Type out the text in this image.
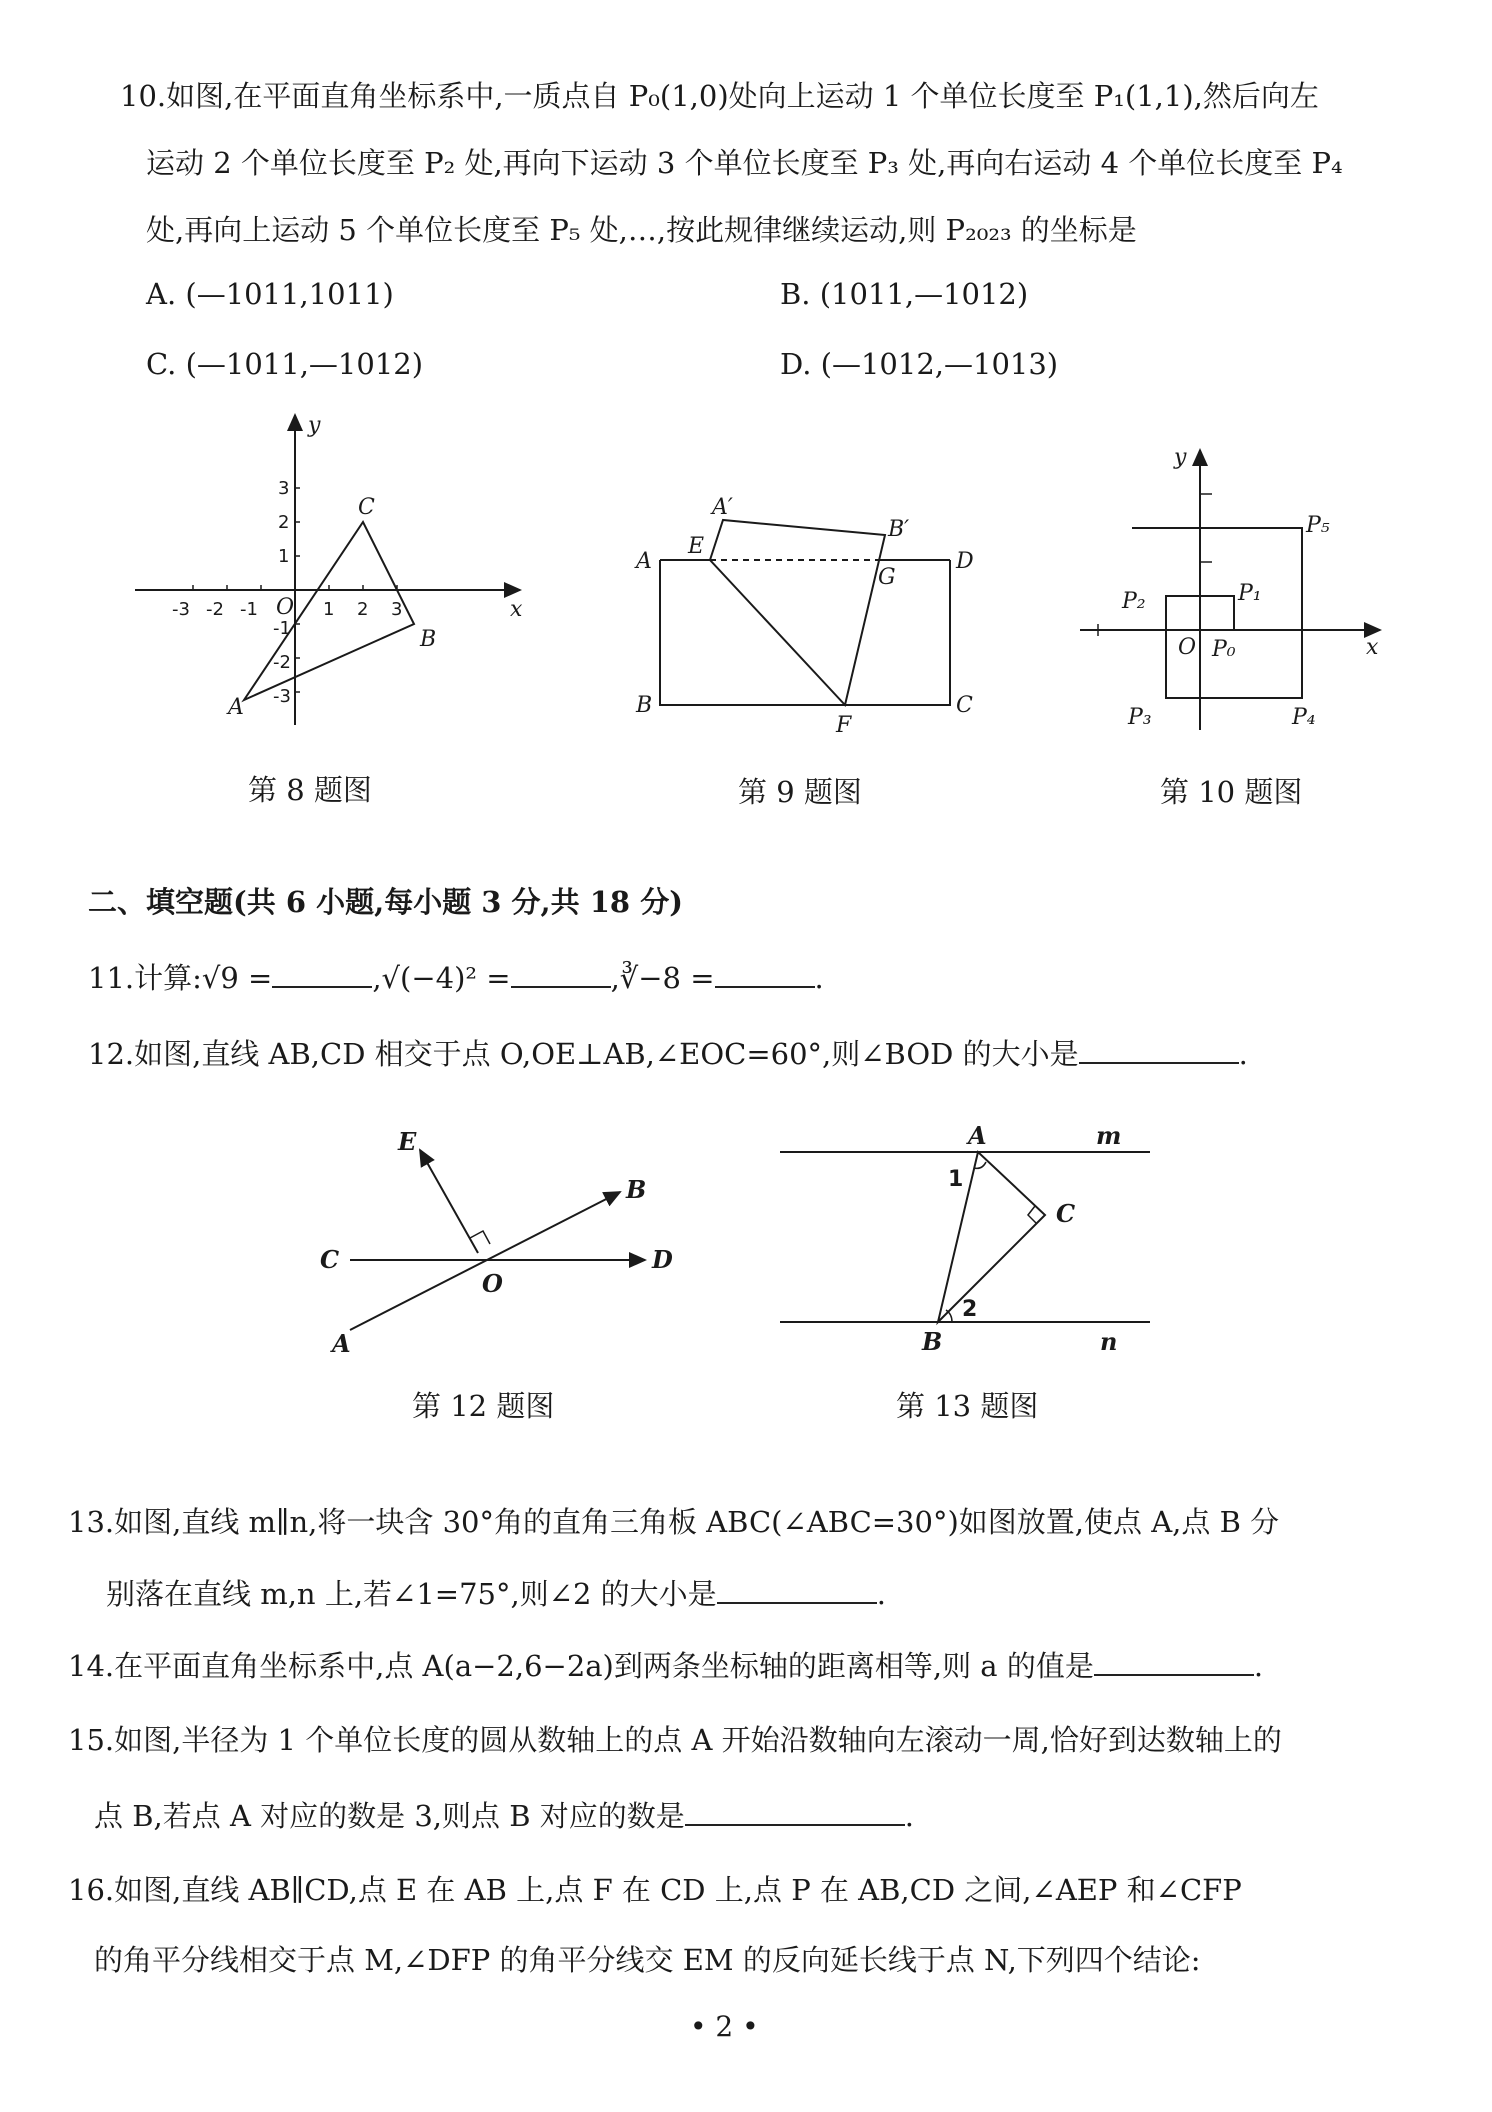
10.如图,在平面直角坐标系中,一质点自 P₀(1,0)处向上运动 1 个单位长度至 P₁(1,1),然后向左
运动 2 个单位长度至 P₂ 处,再向下运动 3 个单位长度至 P₃ 处,再向右运动 4 个单位长度至 P₄
处,再向上运动 5 个单位长度至 P₅ 处,…,按此规律继续运动,则 P₂₀₂₃ 的坐标是
A. (—1011,1011)	B. (1011,—1012)
C. (—1011,—1012)	D. (—1012,—1013)
x
y
O
-3 -2 -1	1 2 3
3
2
1
-1
-2
-3
A
B
C
第 8 题图
A
A′
E
B′
G
D
B
F
C
第 9 题图
x
y
O P₀
P₁
P₂
P₃	P₄
P₅
第 10 题图
二、填空题(共 6 小题,每小题 3 分,共 18 分)
11.计算:√9 =	,√(−4)² =	,∛−8 =	.
12.如图,直线 AB,CD 相交于点 O,OE⊥AB,∠EOC=60°,则∠BOD 的大小是	.
E
B
C
O
D
A
第 12 题图
A	m
1
C
2
B	n
第 13 题图
13.如图,直线 m∥n,将一块含 30°角的直角三角板 ABC(∠ABC=30°)如图放置,使点 A,点 B 分
别落在直线 m,n 上,若∠1=75°,则∠2 的大小是	.
14.在平面直角坐标系中,点 A(a−2,6−2a)到两条坐标轴的距离相等,则 a 的值是	.
15.如图,半径为 1 个单位长度的圆从数轴上的点 A 开始沿数轴向左滚动一周,恰好到达数轴上的
点 B,若点 A 对应的数是 3,则点 B 对应的数是	.
16.如图,直线 AB∥CD,点 E 在 AB 上,点 F 在 CD 上,点 P 在 AB,CD 之间,∠AEP 和∠CFP
的角平分线相交于点 M,∠DFP 的角平分线交 EM 的反向延长线于点 N,下列四个结论:
• 2 •
